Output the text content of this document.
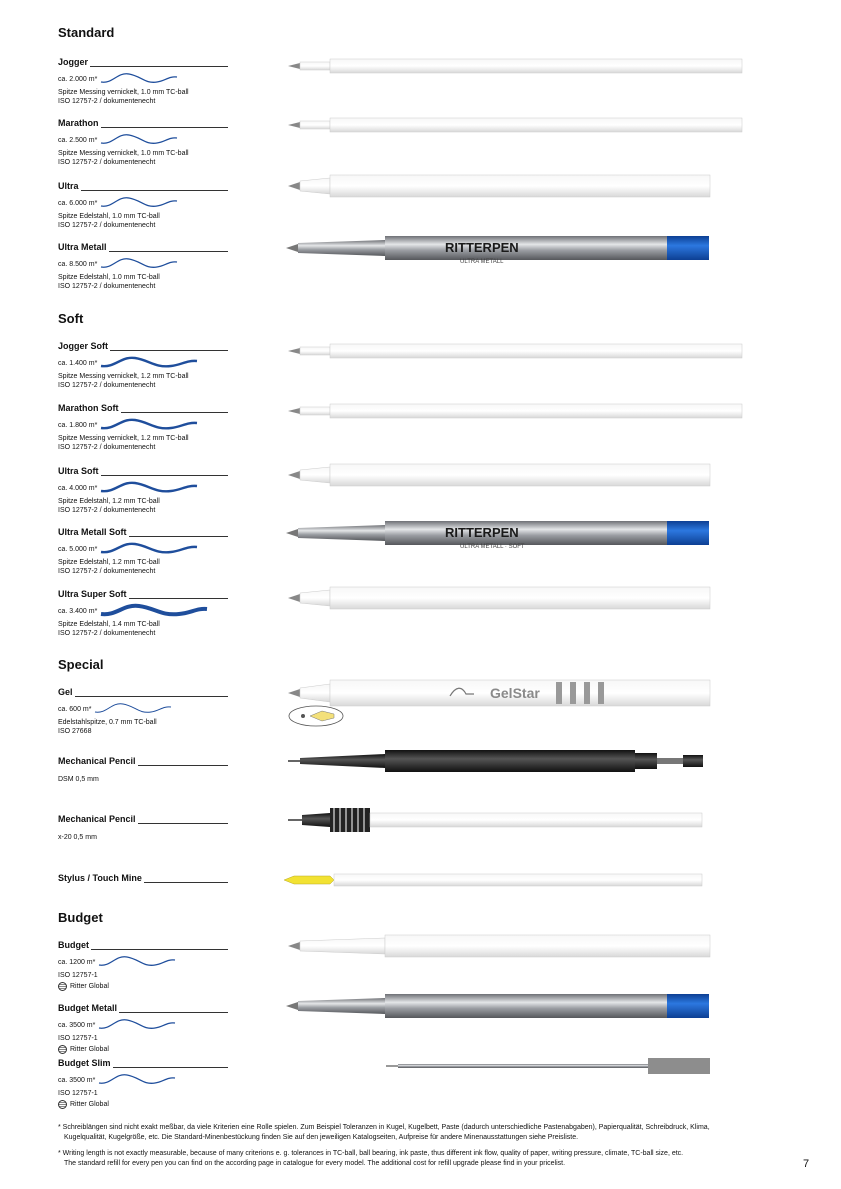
Standard
Jogger
ca. 2.000 m*
Spitze Messing vernickelt, 1.0 mm TC-ball
ISO 12757-2 / dokumentenecht
Marathon
ca. 2.500 m*
Spitze Messing vernickelt, 1.0 mm TC-ball
ISO 12757-2 / dokumentenecht
Ultra
ca. 6.000 m*
Spitze Edelstahl, 1.0 mm TC-ball
ISO 12757-2 / dokumentenecht
Ultra Metall
ca. 8.500 m*
Spitze Edelstahl, 1.0 mm TC-ball
ISO 12757-2 / dokumentenecht
Soft
Jogger Soft
ca. 1.400 m*
Spitze Messing vernickelt, 1.2 mm TC-ball
ISO 12757-2 / dokumentenecht
Marathon Soft
ca. 1.800 m*
Spitze Messing vernickelt, 1.2 mm TC-ball
ISO 12757-2 / dokumentenecht
Ultra Soft
ca. 4.000 m*
Spitze Edelstahl, 1.2 mm TC-ball
ISO 12757-2 / dokumentenecht
Ultra Metall Soft
ca. 5.000 m*
Spitze Edelstahl, 1.2 mm TC-ball
ISO 12757-2 / dokumentenecht
Ultra Super Soft
ca. 3.400 m*
Spitze Edelstahl, 1.4 mm TC-ball
ISO 12757-2 / dokumentenecht
Special
Gel
ca. 600 m*
Edelstahlspitze, 0.7 mm TC-ball
ISO 27668
Mechanical Pencil
DSM 0,5 mm
Mechanical Pencil
x-20 0,5 mm
Stylus / Touch Mine
Budget
Budget
ca. 1200 m*
ISO 12757-1
Ritter Global
Budget Metall
ca. 3500 m*
ISO 12757-1
Ritter Global
Budget Slim
ca. 3500 m*
ISO 12757-1
Ritter Global
RITTERPEN
ULTRA METALL
RITTERPEN
ULTRA METALL · SOFT
GelStar
* Schreiblängen sind nicht exakt meßbar, da viele Kriterien eine Rolle spielen. Zum Beispiel Toleranzen in Kugel, Kugelbett, Paste (dadurch unterschiedliche Pastenabgaben), Papierqualität, Schreibdruck, Klima,
Kugelqualität, Kugelgröße, etc. Die Standard-Minenbestückung finden Sie auf den jeweiligen Katalogseiten, Aufpreise für andere Minenausstattungen siehe Preisliste.
* Writing length is not exactly measurable, because of many criterions e. g. tolerances in TC-ball, ball bearing, ink paste, thus different ink flow, quality of paper, writing pressure, climate, TC-ball size, etc.
The standard refill for every pen you can find on the according page in catalogue for every model. The additional cost for refill upgrade please find in your pricelist.	7
